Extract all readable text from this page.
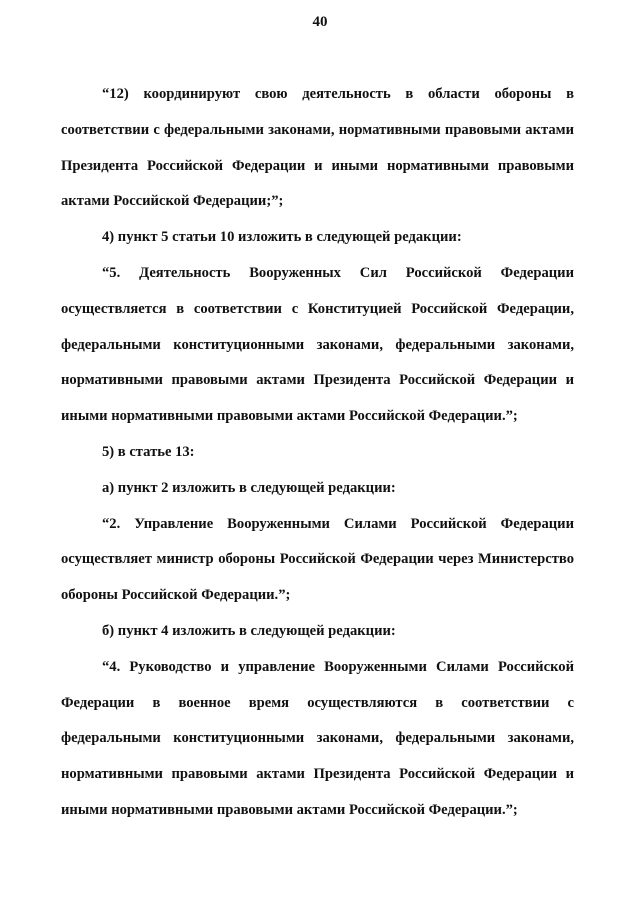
40

“12) координируют свою деятельность в области обороны в соответствии с федеральными законами, нормативными правовыми актами Президента Российской Федерации и иными нормативными правовыми актами Российской Федерации;”;

4) пункт 5 статьи 10 изложить в следующей редакции:

“5. Деятельность Вооруженных Сил Российской Федерации осуществляется в соответствии с Конституцией Российской Федерации, федеральными конституционными законами, федеральными законами, нормативными правовыми актами Президента Российской Федерации и иными нормативными правовыми актами Российской Федерации.”;

5) в статье 13:

а) пункт 2 изложить в следующей редакции:

“2. Управление Вооруженными Силами Российской Федерации осуществляет министр обороны Российской Федерации через Министерство обороны Российской Федерации.”;

б) пункт 4 изложить в следующей редакции:

“4. Руководство и управление Вооруженными Силами Российской Федерации в военное время осуществляются в соответствии с федеральными конституционными законами, федеральными законами, нормативными правовыми актами Президента Российской Федерации и иными нормативными правовыми актами Российской Федерации.”;
